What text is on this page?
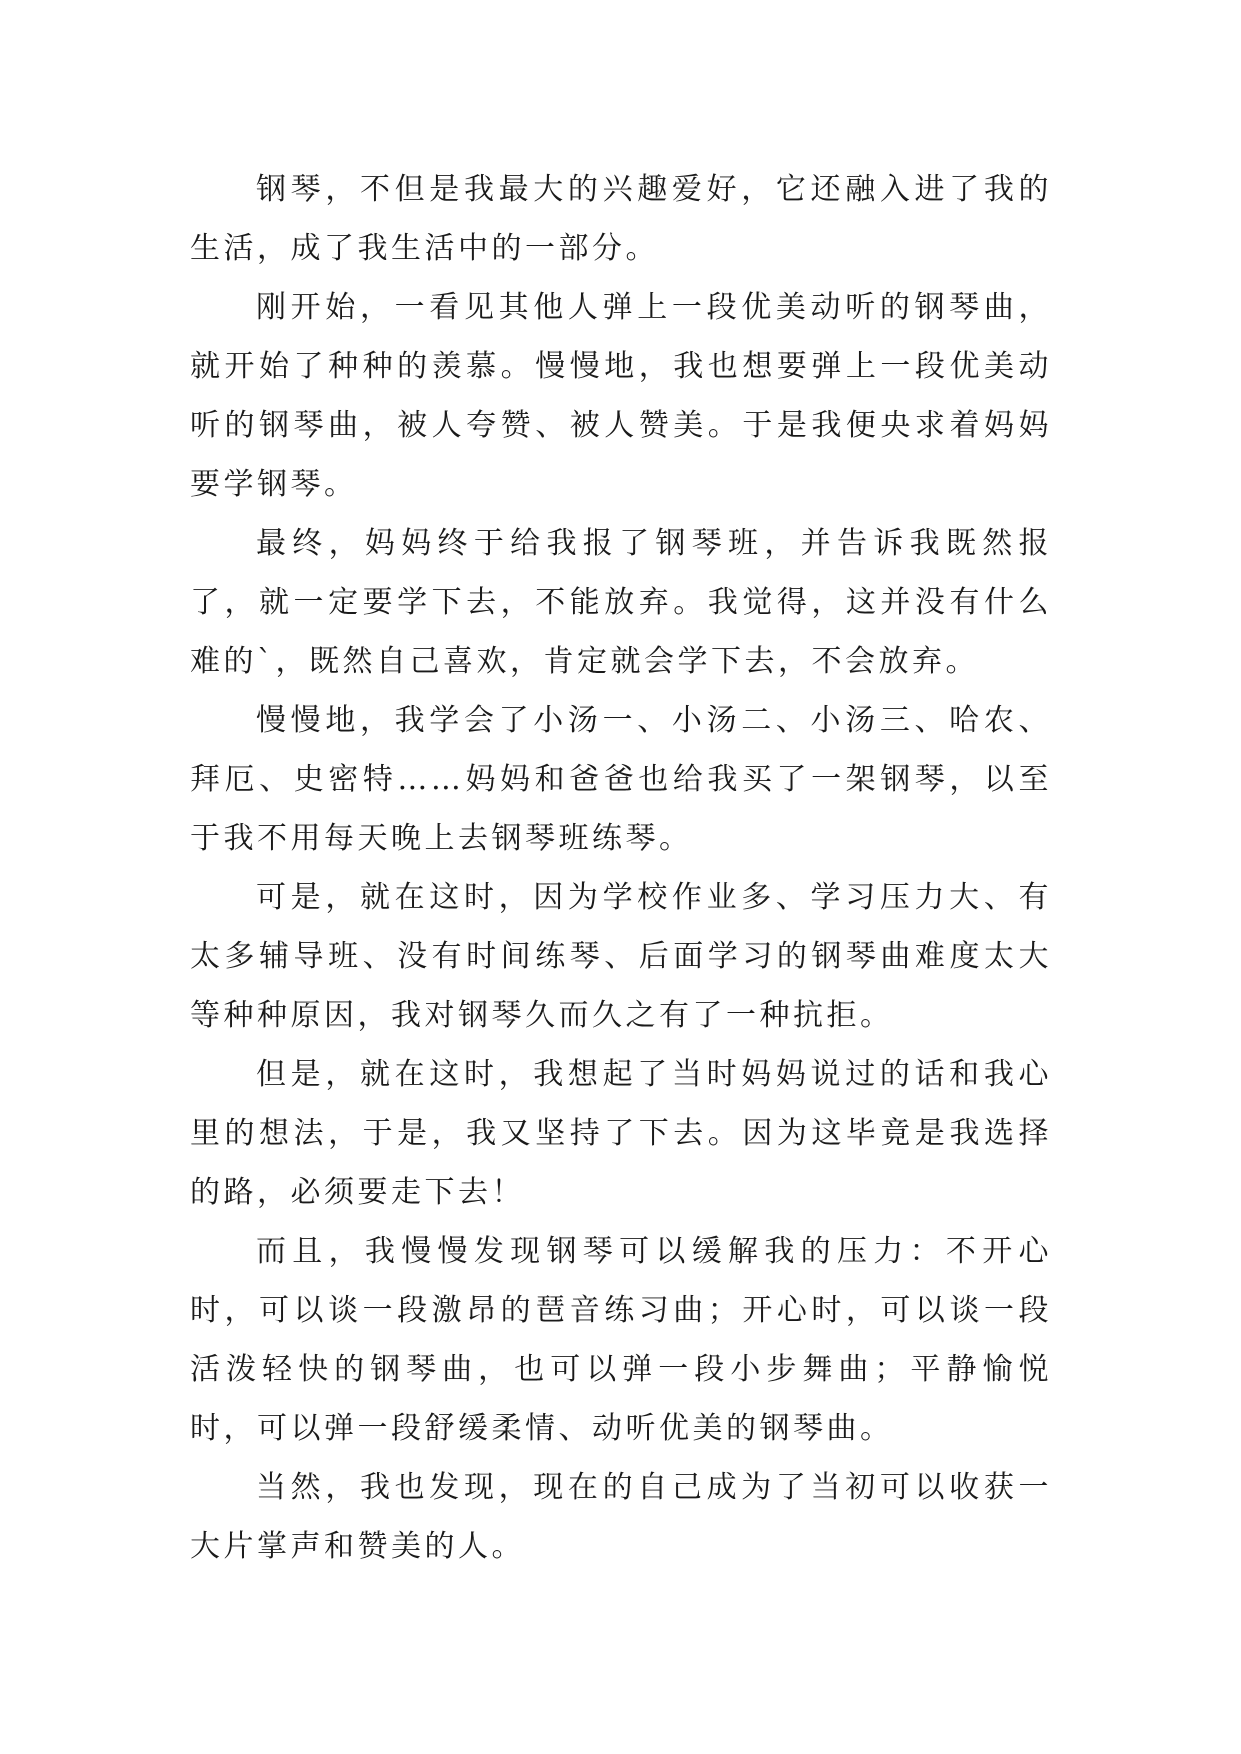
钢琴，不但是我最大的兴趣爱好，它还融入进了我的生活，成了我生活中的一部分。

刚开始，一看见其他人弹上一段优美动听的钢琴曲，就开始了种种的羡慕。慢慢地，我也想要弹上一段优美动听的钢琴曲，被人夸赞、被人赞美。于是我便央求着妈妈要学钢琴。

最终，妈妈终于给我报了钢琴班，并告诉我既然报了，就一定要学下去，不能放弃。我觉得，这并没有什么难的`，既然自己喜欢，肯定就会学下去，不会放弃。

慢慢地，我学会了小汤一、小汤二、小汤三、哈农、拜厄、史密特……妈妈和爸爸也给我买了一架钢琴，以至于我不用每天晚上去钢琴班练琴。

可是，就在这时，因为学校作业多、学习压力大、有太多辅导班、没有时间练琴、后面学习的钢琴曲难度太大等种种原因，我对钢琴久而久之有了一种抗拒。

但是，就在这时，我想起了当时妈妈说过的话和我心里的想法，于是，我又坚持了下去。因为这毕竟是我选择的路，必须要走下去！

而且，我慢慢发现钢琴可以缓解我的压力：不开心时，可以谈一段激昂的琶音练习曲；开心时，可以谈一段活泼轻快的钢琴曲，也可以弹一段小步舞曲；平静愉悦时，可以弹一段舒缓柔情、动听优美的钢琴曲。

当然，我也发现，现在的自己成为了当初可以收获一大片掌声和赞美的人。
